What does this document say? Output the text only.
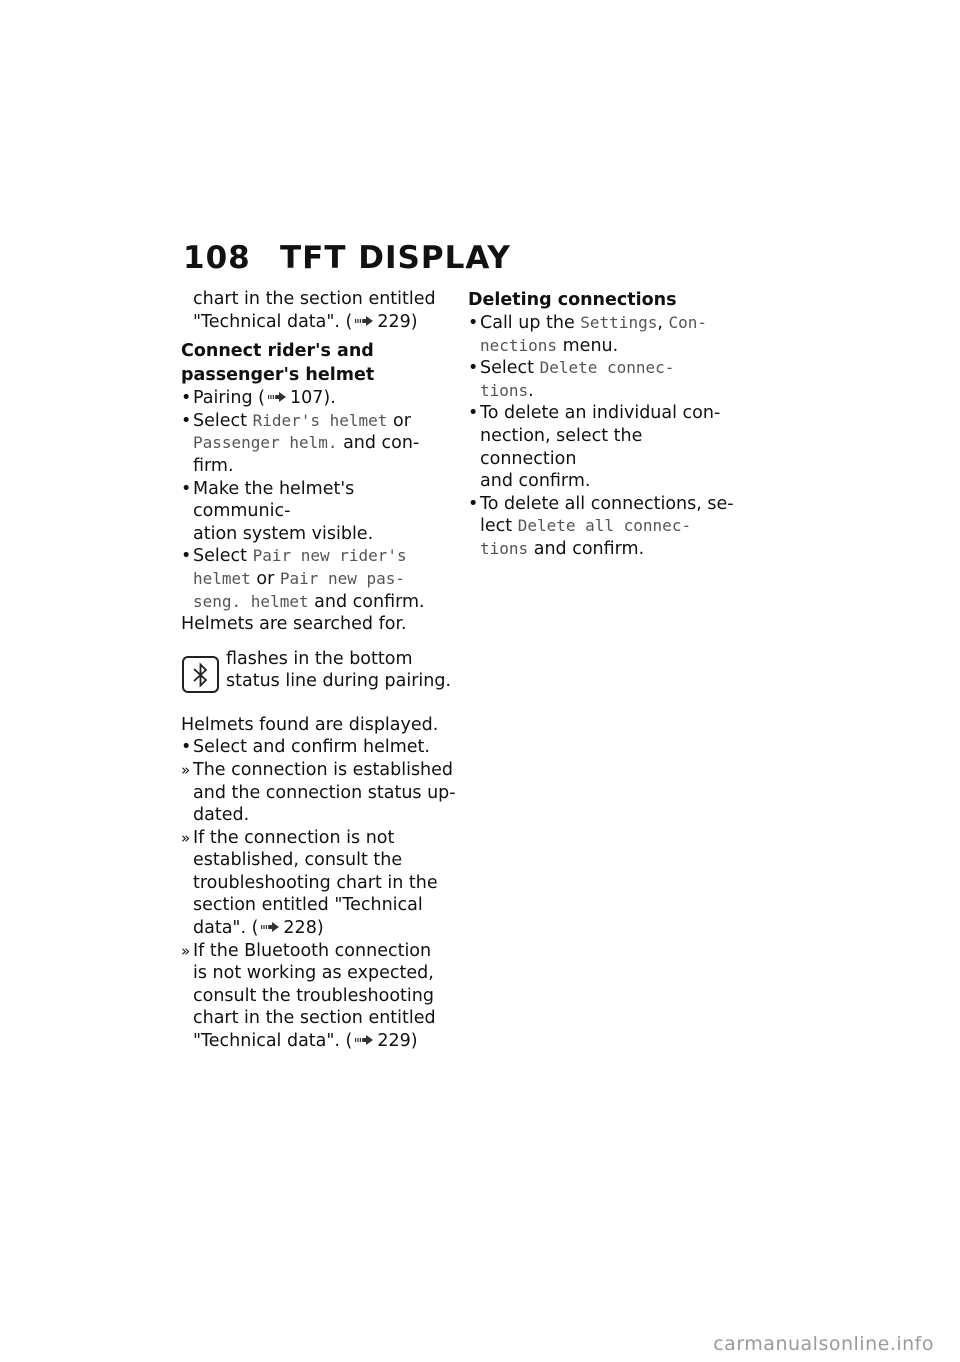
108 TFT DISPLAY

chart in the section entitled
"Technical data". ( 229)

Connect rider's and
passenger's helmet
• Pairing ( 107).
• Select Rider's helmet or
Passenger helm. and con-
firm.
• Make the helmet's communic-
ation system visible.
• Select Pair new rider's
helmet or Pair new pas-
seng. helmet and confirm.

Helmets are searched for.

flashes in the bottom
status line during pairing.

Helmets found are displayed.

• Select and confirm helmet.
» The connection is established
and the connection status up-
dated.
» If the connection is not
established, consult the
troubleshooting chart in the
section entitled "Technical
data". ( 228)
» If the Bluetooth connection
is not working as expected,
consult the troubleshooting
chart in the section entitled
"Technical data". ( 229)
Deleting connections
• Call up the Settings, Con-
nections menu.
• Select Delete connec-
tions.
• To delete an individual con-
nection, select the connection
and confirm.
• To delete all connections, se-
lect Delete all connec-
tions and confirm.
carmanualsonline.info
